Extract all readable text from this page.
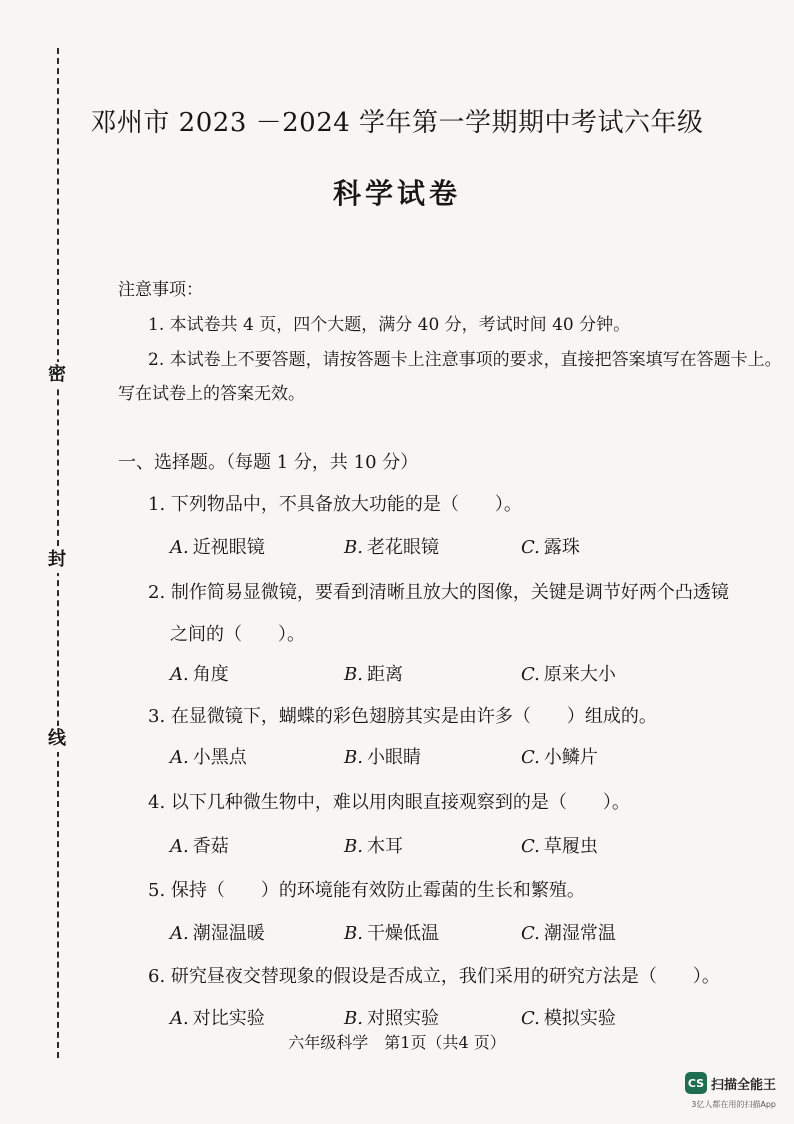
密
封
线
邓州市 2023 －2024 学年第一学期期中考试六年级
科学试卷
注意事项：
1. 本试卷共 4 页，四个大题，满分 40 分，考试时间 40 分钟。
2. 本试卷上不要答题，请按答题卡上注意事项的要求，直接把答案填写在答题卡上。
写在试卷上的答案无效。
一、选择题。（每题 1 分，共 10 分）
1. 下列物品中，不具备放大功能的是（　　）。
A. 近视眼镜	B. 老花眼镜	C. 露珠
2. 制作简易显微镜，要看到清晰且放大的图像，关键是调节好两个凸透镜
之间的（　　）。
A. 角度	B. 距离	C. 原来大小
3. 在显微镜下，蝴蝶的彩色翅膀其实是由许多（　　）组成的。
A. 小黑点	B. 小眼睛	C. 小鳞片
4. 以下几种微生物中，难以用肉眼直接观察到的是（　　）。
A. 香菇	B. 木耳	C. 草履虫
5. 保持（　　）的环境能有效防止霉菌的生长和繁殖。
A. 潮湿温暖	B. 干燥低温	C. 潮湿常温
6. 研究昼夜交替现象的假设是否成立，我们采用的研究方法是（　　）。
A. 对比实验	B. 对照实验	C. 模拟实验
六年级科学　第1页（共4 页）
CS 扫描全能王
3亿人都在用的扫描App
